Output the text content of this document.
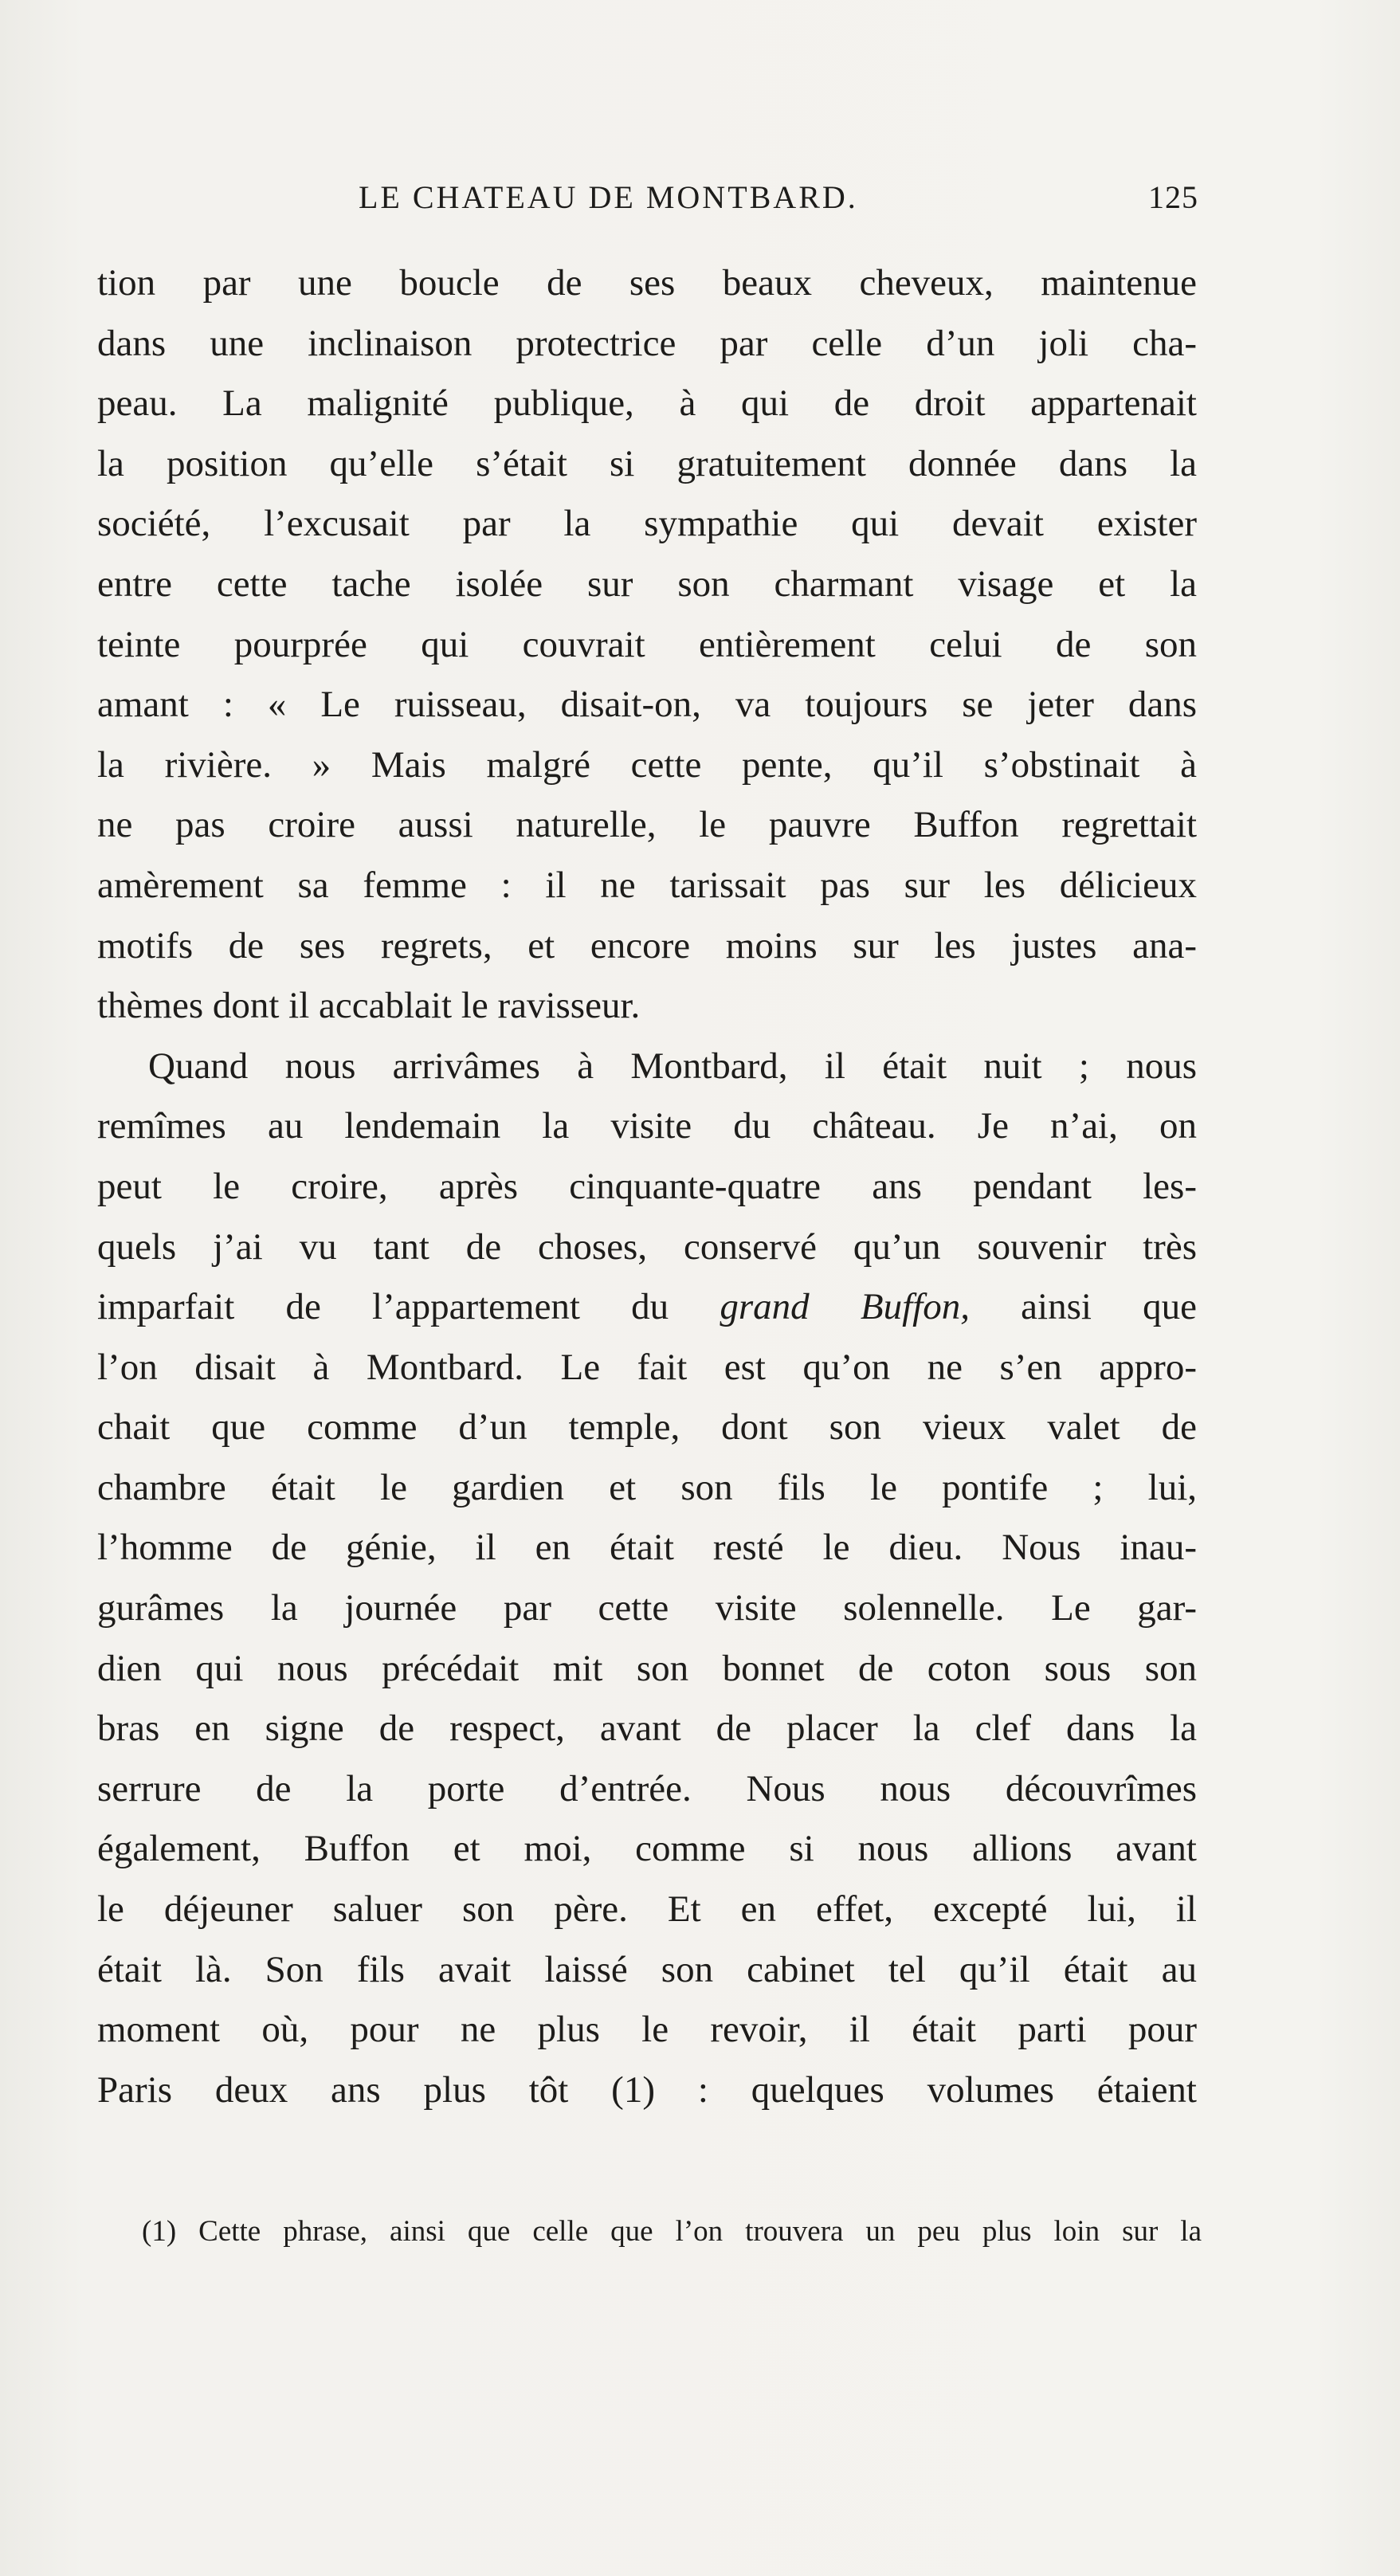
LE CHATEAU DE MONTBARD.	125
tion par une boucle de ses beaux cheveux, maintenue
dans une inclinaison protectrice par celle d’un joli cha-
peau. La malignité publique, à qui de droit appartenait
la position qu’elle s’était si gratuitement donnée dans la
société, l’excusait par la sympathie qui devait exister
entre cette tache isolée sur son charmant visage et la
teinte pourprée qui couvrait entièrement celui de son
amant : « Le ruisseau, disait-on, va toujours se jeter dans
la rivière. » Mais malgré cette pente, qu’il s’obstinait à
ne pas croire aussi naturelle, le pauvre Buffon regrettait
amèrement sa femme : il ne tarissait pas sur les délicieux
motifs de ses regrets, et encore moins sur les justes ana-
thèmes dont il accablait le ravisseur.
Quand nous arrivâmes à Montbard, il était nuit ; nous
remîmes au lendemain la visite du château. Je n’ai, on
peut le croire, après cinquante-quatre ans pendant les-
quels j’ai vu tant de choses, conservé qu’un souvenir très
imparfait de l’appartement du grand Buffon, ainsi que
l’on disait à Montbard. Le fait est qu’on ne s’en appro-
chait que comme d’un temple, dont son vieux valet de
chambre était le gardien et son fils le pontife ; lui,
l’homme de génie, il en était resté le dieu. Nous inau-
gurâmes la journée par cette visite solennelle. Le gar-
dien qui nous précédait mit son bonnet de coton sous son
bras en signe de respect, avant de placer la clef dans la
serrure de la porte d’entrée. Nous nous découvrîmes
également, Buffon et moi, comme si nous allions avant
le déjeuner saluer son père. Et en effet, excepté lui, il
était là. Son fils avait laissé son cabinet tel qu’il était au
moment où, pour ne plus le revoir, il était parti pour
Paris deux ans plus tôt (1) : quelques volumes étaient
(1) Cette phrase, ainsi que celle que l’on trouvera un peu plus loin sur la
